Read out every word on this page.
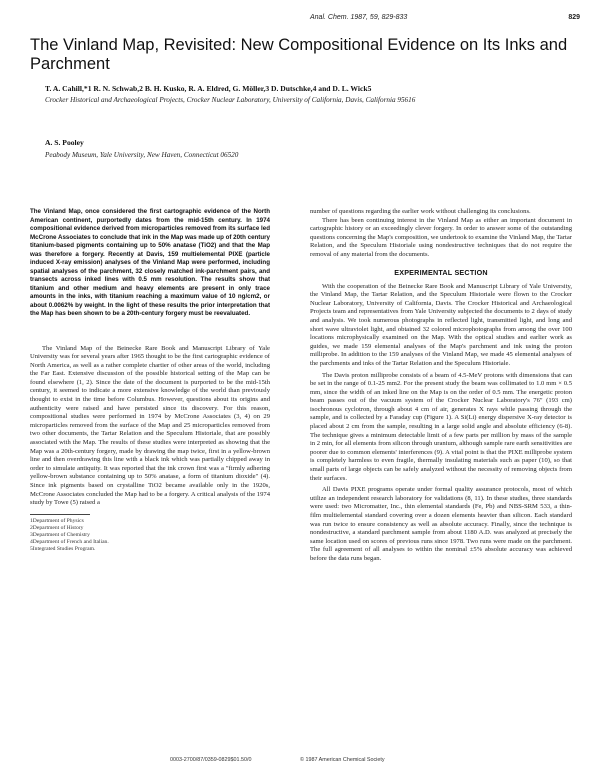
Anal. Chem. 1987, 59, 829-833	829
The Vinland Map, Revisited: New Compositional Evidence on Its Inks and Parchment
T. A. Cahill,*1 R. N. Schwab,2 B. H. Kusko, R. A. Eldred, G. Möller,3 D. Dutschke,4 and D. L. Wick5
Crocker Historical and Archaeological Projects, Crocker Nuclear Laboratory, University of California, Davis, California 95616
A. S. Pooley
Peabody Museum, Yale University, New Haven, Connecticut 06520

The Vinland Map, once considered the first cartographic evidence of the North American continent, purportedly dates from the mid-15th century. In 1974 compositional evidence derived from microparticles removed from its surface led McCrone Associates to conclude that ink in the Map was made up of 20th century titanium-based pigments containing up to 50% anatase (TiO2) and that the Map was therefore a forgery. Recently at Davis, 159 multielemental PIXE (particle induced X-ray emission) analyses of the Vinland Map were performed, including spatial analyses of the parchment, 32 closely matched ink-parchment pairs, and transects across inked lines with 0.5 mm resolution. The results show that titanium and other medium and heavy elements are present in only trace amounts in the inks, with titanium reaching a maximum value of 10 ng/cm2, or about 0.0062% by weight. In the light of these results the prior interpretation that the Map has been shown to be a 20th-century forgery must be reevaluated.

The Vinland Map of the Beinecke Rare Book and Manuscript Library of Yale University was for several years after 1965 thought to be the first cartographic evidence of North America, as well as a rather complete chartier of other areas of the world, including the Far East. Extensive discussion of the possible historical setting of the Map can be found elsewhere (1, 2). Since the date of the document is purported to be the mid-15th century, it seemed to indicate a more extensive knowledge of the world than previously thought to exist in the time before Columbus. However, questions about its origins and authenticity were raised and have persisted since its discovery. For this reason, compositional studies were performed in 1974 by McCrone Associates (3, 4) on 29 microparticles removed from the surface of the Map and 25 microparticles removed from two other documents, the Tartar Relation and the Speculum Historiale, that are possibly associated with the Map. The results of these studies were interpreted as showing that the Map was a 20th-century forgery, made by drawing the map twice, first in a yellow-brown line and then overdrawing this line with a black ink which was partially chipped away in order to simulate antiquity. It was reported that the ink crown first was a "firmly adhering yellow-brown substance containing up to 50% anatase, a form of titanium dioxide" (4). Since ink pigments based on crystalline TiO2 became available only in the 1920s, McCrone Associates concluded the Map had to be a forgery. A critical analysis of the 1974 study by Towe (5) raised a

1Department of Physics

2Department of History

3Department of Chemistry

4Department of French and Italian.

5Integrated Studies Program.

number of questions regarding the earlier work without challenging its conclusions.

There has been continuing interest in the Vinland Map as either an important document in cartographic history or an exceedingly clever forgery. In order to answer some of the outstanding questions concerning the Map's composition, we undertook to examine the Vinland Map, the Tartar Relation, and the Speculum Historiale using nondestructive techniques that do not require the removal of any material from the documents.

EXPERIMENTAL SECTION

With the cooperation of the Beinecke Rare Book and Manuscript Library of Yale University, the Vinland Map, the Tartar Relation, and the Speculum Historiale were flown to the Crocker Nuclear Laboratory, University of California, Davis. The Crocker Historical and Archaeological Projects team and representatives from Yale University subjected the documents to 2 days of study and analysis. We took numerous photographs in reflected light, transmitted light, and long and short wave ultraviolet light, and obtained 32 colored microphotographs from among the over 100 locations microphysically examined on the Map. With the optical studies and earlier work as guides, we made 159 elemental analyses of the Map's parchment and ink using the proton milliprobe. In addition to the 159 analyses of the Vinland Map, we made 45 elemental analyses of the parchments and inks of the Tartar Relation and the Speculum Historiale.

The Davis proton milliprobe consists of a beam of 4.5-MeV protons with dimensions that can be set in the range of 0.1-25 mm2. For the present study the beam was collimated to 1.0 mm × 0.5 mm, since the width of an inked line on the Map is on the order of 0.5 mm. The energetic proton beam passes out of the vacuum system of the Crocker Nuclear Laboratory's 76" (193 cm) isochronous cyclotron, through about 4 cm of air, generates X rays while passing through the sample, and is collected by a Faraday cup (Figure 1). A Si(Li) energy dispersive X-ray detector is placed about 2 cm from the sample, resulting in a large solid angle and absolute efficiency (6-8). The technique gives a minimum detectable limit of a few parts per million by mass of the sample in 2 min, for all elements from silicon through uranium, although sample rare earth sensitivities are poorer due to common elements' interferences (9). A vital point is that the PIXE milliprobe system is completely harmless to even fragile, thermally insulating materials such as paper (10), so that small parts of large objects can be safely analyzed without the necessity of removing objects from their surfaces.

All Davis PIXE programs operate under formal quality assurance protocols, most of which utilize an independent research laboratory for validations (8, 11). In these studies, three standards were used: two Micromatter, Inc., thin elemental standards (Fe, Pb) and NBS-SRM 533, a thin-film multielemental standard covering over a dozen elements heavier than silicon. Each standard was run twice to ensure consistency as well as absolute accuracy. Finally, since the technique is nondestructive, a standard parchment sample from about 1180 A.D. was analyzed at precisely the same location used on scores of previous runs since 1978. Two runs were made on the parchment. The full agreement of all analyses to within the nominal ±5% absolute accuracy was achieved before the data runs began.

0003-2700/87/0359-0829$01.50/0	© 1987 American Chemical Society
